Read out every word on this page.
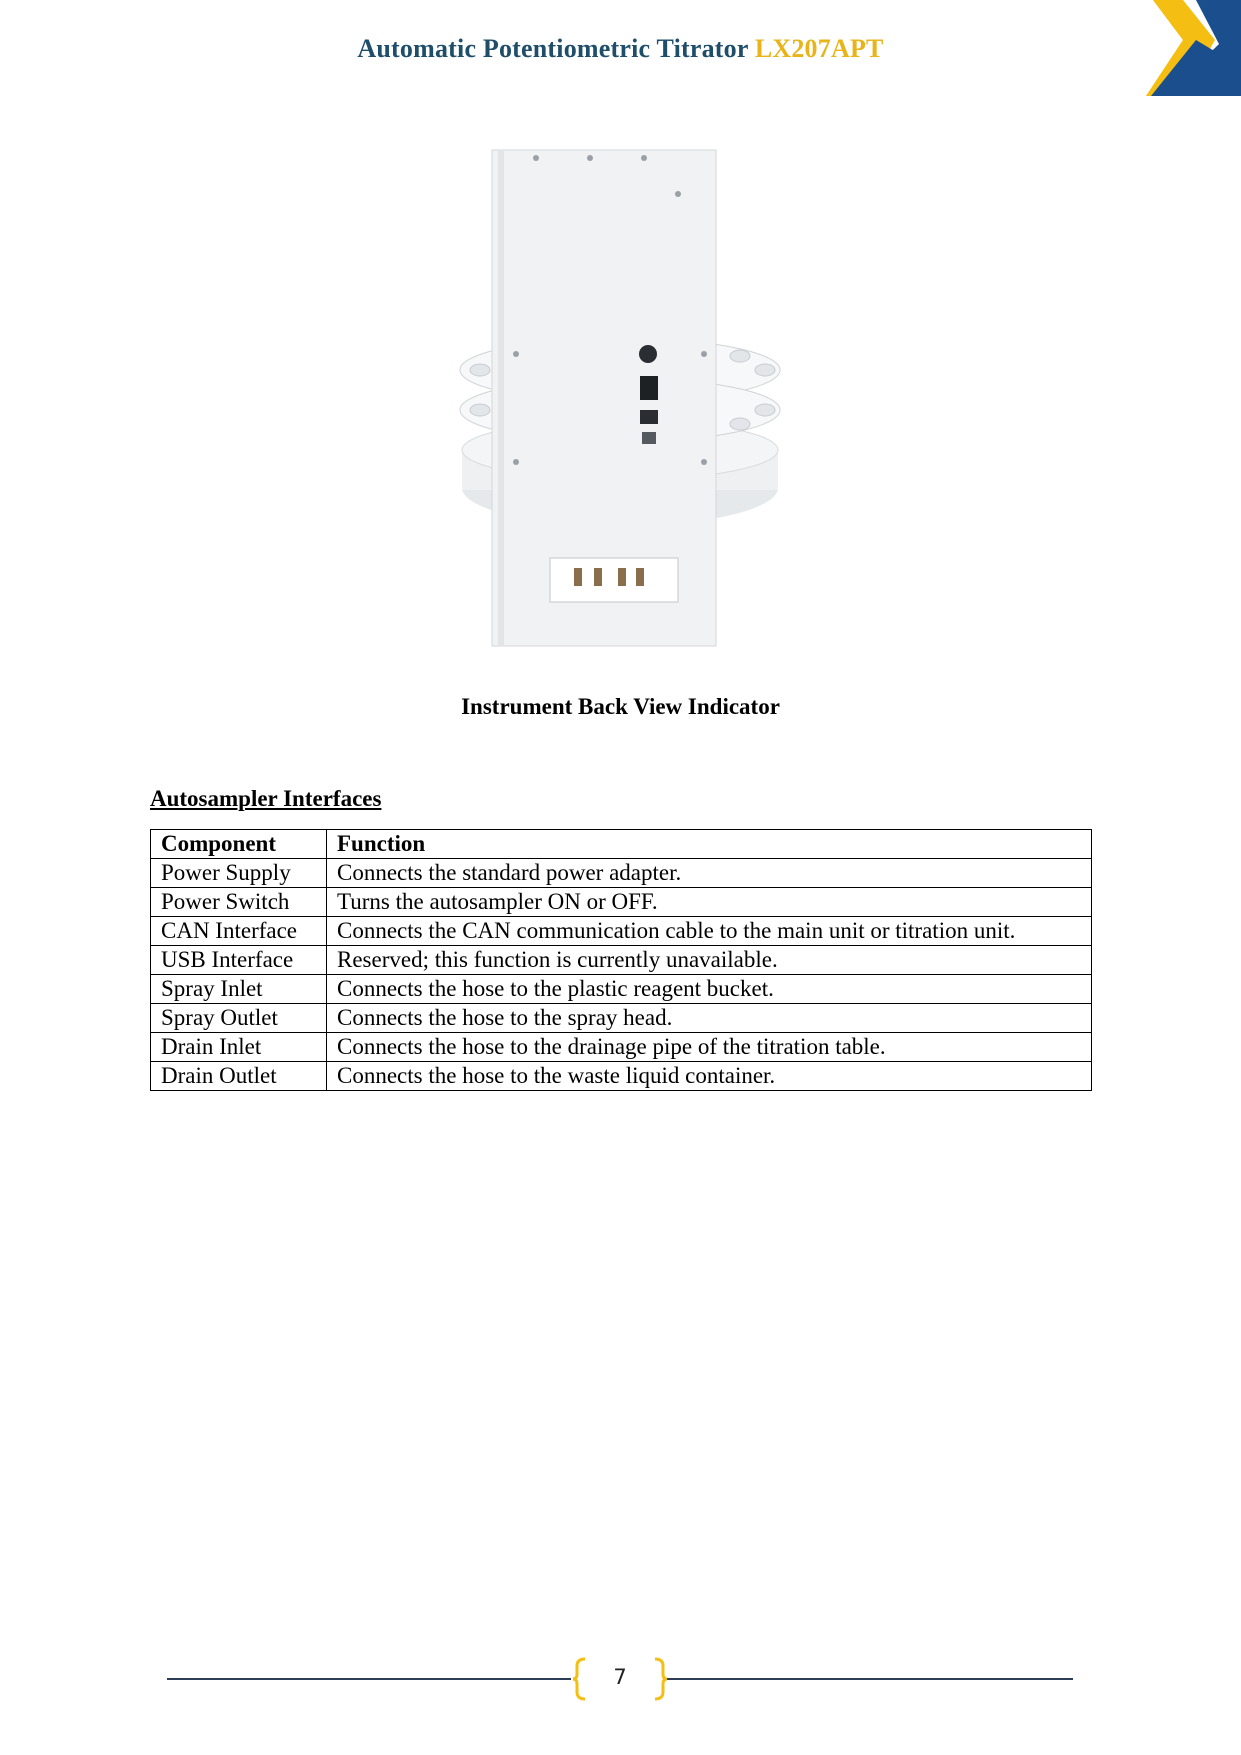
Automatic Potentiometric Titrator LX207APT
Instrument Back View Indicator
Autosampler Interfaces
Component	Function
Power Supply	Connects the standard power adapter.
Power Switch	Turns the autosampler ON or OFF.
CAN Interface	Connects the CAN communication cable to the main unit or titration unit.
USB Interface	Reserved; this function is currently unavailable.
Spray Inlet	Connects the hose to the plastic reagent bucket.
Spray Outlet	Connects the hose to the spray head.
Drain Inlet	Connects the hose to the drainage pipe of the titration table.
Drain Outlet	Connects the hose to the waste liquid container.
7
